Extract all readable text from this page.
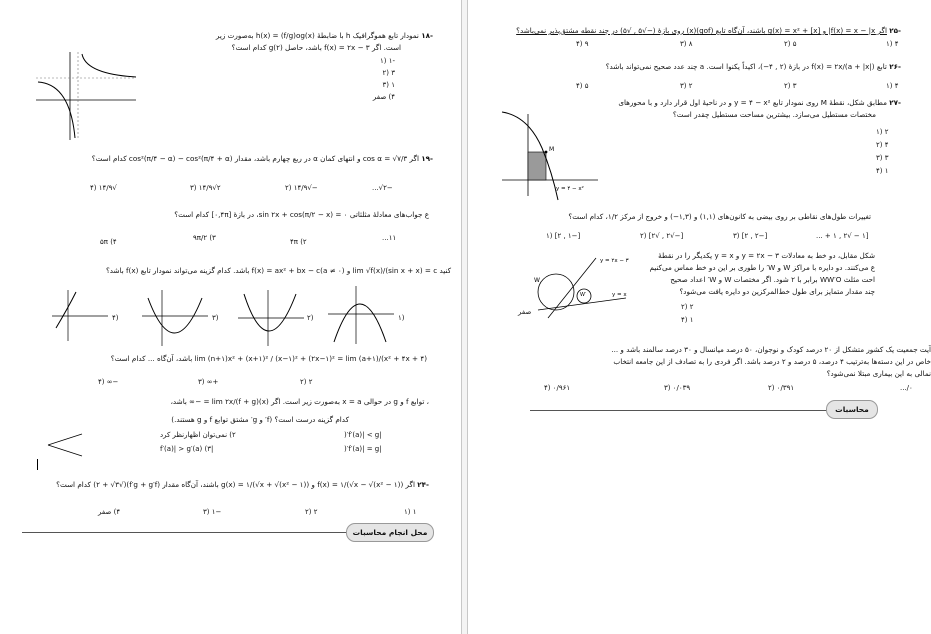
-۱۸ نمودار تابع هموگرافیک h با ضابطهٔ h(x) = (f/g)og(x) به‌صورت زیر
است. اگر f(x) = ۲x − ۳ باشد، حاصل g(۲) کدام است؟
-۱ (۱
۳ (۲
۱ (۳
۴) صفر
-۱۹ اگر cos α = √۷/۳ و انتهای کمان α در ربع چهارم باشد، مقدار cos²(π/۴ − α) − cos²(π/۴ + α) کدام است؟
√۱۴/۹ (۴	۲√۱۴/۹ (۳	−√۱۴/۹ (۲	−۲√...
ع جواب‌های معادلهٔ مثلثاتی ۰ = sin ۲x + cos(π/۲ − x)، در بازهٔ [۰,۴π] کدام است؟
۵π (۴	۹π/۲ (۳	۴π (۲	۱۱...
کنید lim √f(x)/(sin x + x) = c و (a ≠ ۰)f(x) = ax² + bx − c باشد. کدام گزینه می‌تواند نمودار تابع f(x) باشد؟
(۴	(۳	(۲	(۱
lim (n+۱)x² + (x+۱)² / (x−۱)² + (۲x−۱)² = lim (a+۱)/(x² + ۴x + ۴) باشد، آن‌گاه ... کدام است؟
−∞ (۴	+∞ (۳	۲ (۲
، توابع f و g در حوالی x = a به‌صورت زیر است. اگر lim ۲x/(f + g)(x) = −∞ باشد،
کدام گزینه درست است؟ (f′ و g′ مشتق توابع f و g هستند.)
|f′(a)| < g′(
۲) نمی‌توان اظهارنظر کرد
|f′(a)| = g′(
|f′(a)| > g′(a) (۳
-۲۴ اگر f(x) = ۱/(√x − √(x² − ۱)) و g(x) = ۱/(√x + √(x² − ۱)) باشند، آن‌گاه مقدار (f′g + g′f)(√۲ + √۳) کدام است؟
۱ (۱
۲ (۲
−۱ (۳
۴) صفر
محل انجام محاسبات
-۲۵ اگر f(x) = x − |x| و g(x) = x² + [x] باشند، آن‌گاه تابع (gof)(x) روی بازهٔ (−√۵ , √۵) در چند نقطه مشتق‌پذیر نمی‌باشد؟
۴ (۱
۵ (۲
۸ (۳
۹ (۴
-۲۶ تابع f(x) = ۲x/(a + |x|) در بازهٔ (۲ , ۴−)، اکیداً یکنوا است. a چند عدد صحیح نمی‌تواند باشد؟
۴ (۱
۳ (۲
۲ (۳
۵ (۴
-۲۷ مطابق شکل، نقطهٔ M روی نمودار تابع y = ۴ − x² و در ناحیهٔ اول قرار دارد و با محورهای
مختصات مستطیل می‌سازد. بیشترین مساحت مستطیل چقدر است؟
۲ (۱
۴ (۲
۳ (۳
۱ (۴
M
y = ۴ − x²
تغییرات طول‌های نقاطی بر روی بیضی به کانون‌های (۱,۱) و (۱,۳−) و خروج از مرکز ۱/۲، کدام است؟
[۱ − √۲ , ۱ + ...
[−۲ , ۲] (۳
[−√۲ , √۲] (۲
[−۱ , ۲] (۱
شکل مقابل، دو خط به معادلات y = ۲x − ۳ و y = x یکدیگر را در نقطهٔ
ع می‌کنند. دو دایره با مراکز W و W′ را طوری بر این دو خط مماس می‌کنیم
احت مثلث WW′O برابر با ۲ شود. اگر مختصات W و W′ اعداد صحیح
چند مقدار متمایز برای طول خط‌المرکزین دو دایره یافت می‌شود؟
۲ (۲
۱ (۴
صفر
y = ۲x − ۳
y = x
W
W′
آیت جمعیت یک کشور متشکل از ۲۰ درصد کودک و نوجوان، ۵۰ درصد میانسال و ۳۰ درصد سالمند باشد و ...
خاص در این دسته‌ها به‌ترتیب ۴ درصد، ۵ درصد و ۲ درصد باشد. اگر فردی را به تصادف از این جامعه انتخاب
نمالی به این بیماری مبتلا نمی‌شود؟
۰/۹۶۱ (۴	۰/۰۳۹ (۳	۰/۳۹۱ (۲	۰/...
محاسبات
